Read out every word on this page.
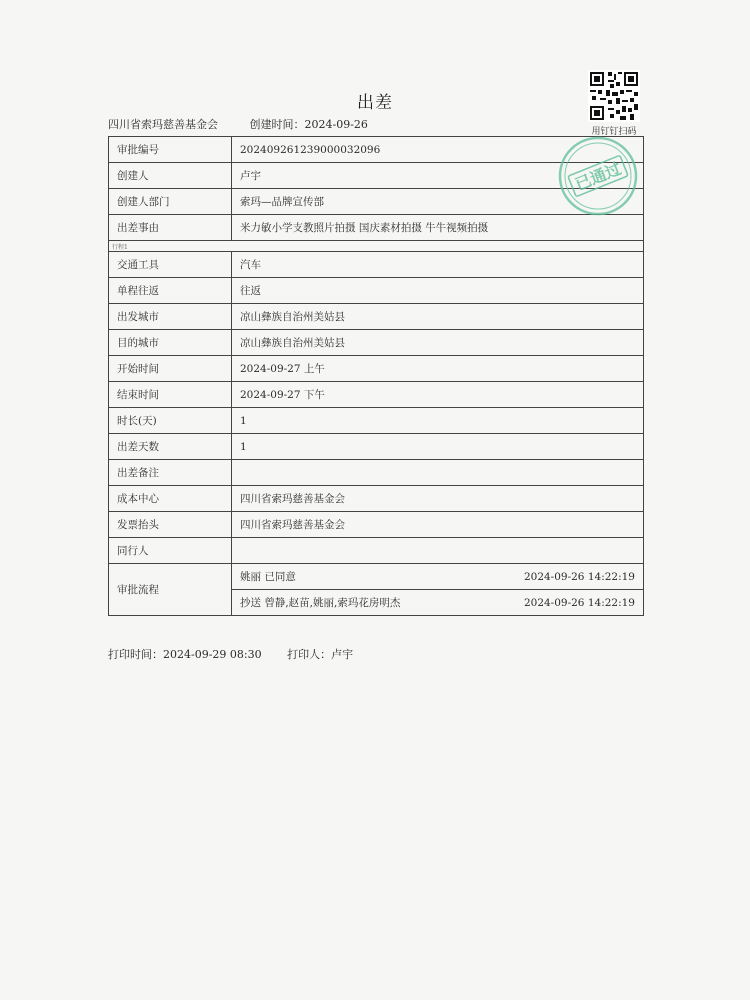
出差
四川省索玛慈善基金会	创建时间：2024-09-26
用钉钉扫码
审批编号	202409261239000032096
创建人	卢宇
创建人部门	索玛—品牌宣传部
出差事由	米力敏小学支教照片拍摄 国庆素材拍摄 牛牛视频拍摄
行程1	
交通工具	汽车
单程往返	往返
出发城市	凉山彝族自治州美姑县
目的城市	凉山彝族自治州美姑县
开始时间	2024-09-27 上午
结束时间	2024-09-27 下午
时长(天)	1
出差天数	1
出差备注	
成本中心	四川省索玛慈善基金会
发票抬头	四川省索玛慈善基金会
同行人	
审批流程	姚丽 已同意 2024-09-26 14:22:19
抄送 曾静,赵苗,姚丽,索玛花房明杰 2024-09-26 14:22:19
已通过
打印时间：2024-09-29 08:30 打印人：卢宇
